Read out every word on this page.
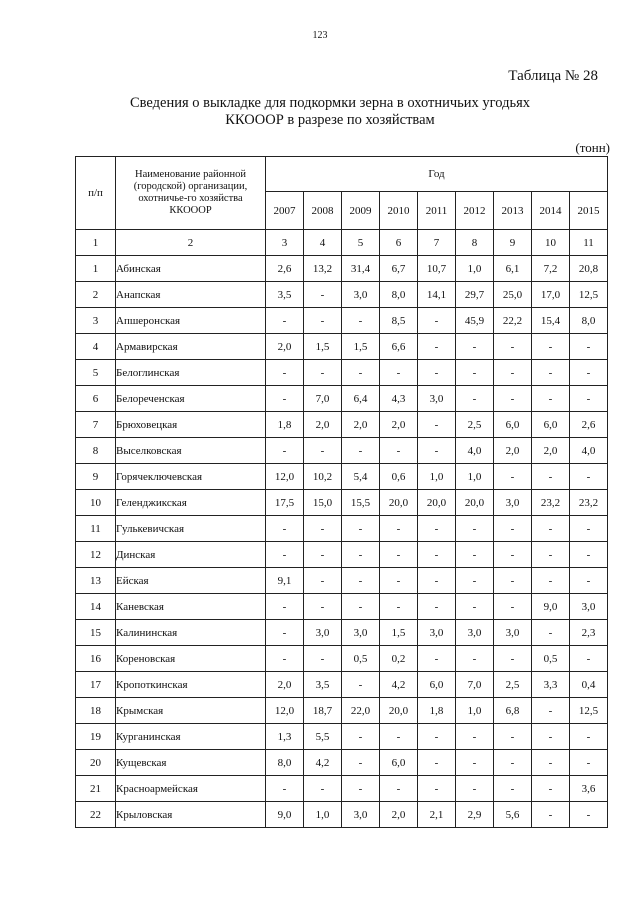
123
Таблица № 28
Сведения о выкладке для подкормки зерна в охотничьих угодьях
ККОООР в разрезе по хозяйствам
(тонн)
п/п	Наименование районной (городской) организации, охотничье-го хозяйства ККОООР	Год								
		2007	2008	2009	2010	2011	2012	2013	2014	2015
1	2	3	4	5	6	7	8	9	10	11
1	Абинская	2,6	13,2	31,4	6,7	10,7	1,0	6,1	7,2	20,8
2	Анапская	3,5	-	3,0	8,0	14,1	29,7	25,0	17,0	12,5
3	Апшеронская	-	-	-	8,5	-	45,9	22,2	15,4	8,0
4	Армавирская	2,0	1,5	1,5	6,6	-	-	-	-	-
5	Белоглинская	-	-	-	-	-	-	-	-	-
6	Белореченская	-	7,0	6,4	4,3	3,0	-	-	-	-
7	Брюховецкая	1,8	2,0	2,0	2,0	-	2,5	6,0	6,0	2,6
8	Выселковская	-	-	-	-	-	4,0	2,0	2,0	4,0
9	Горячеключевская	12,0	10,2	5,4	0,6	1,0	1,0	-	-	-
10	Геленджикская	17,5	15,0	15,5	20,0	20,0	20,0	3,0	23,2	23,2
11	Гулькевичская	-	-	-	-	-	-	-	-	-
12	Динская	-	-	-	-	-	-	-	-	-
13	Ейская	9,1	-	-	-	-	-	-	-	-
14	Каневская	-	-	-	-	-	-	-	9,0	3,0
15	Калининская	-	3,0	3,0	1,5	3,0	3,0	3,0	-	2,3
16	Кореновская	-	-	0,5	0,2	-	-	-	0,5	-
17	Кропоткинская	2,0	3,5	-	4,2	6,0	7,0	2,5	3,3	0,4
18	Крымская	12,0	18,7	22,0	20,0	1,8	1,0	6,8	-	12,5
19	Курганинская	1,3	5,5	-	-	-	-	-	-	-
20	Кущевская	8,0	4,2	-	6,0	-	-	-	-	-
21	Красноармейская	-	-	-	-	-	-	-	-	3,6
22	Крыловская	9,0	1,0	3,0	2,0	2,1	2,9	5,6	-	-
